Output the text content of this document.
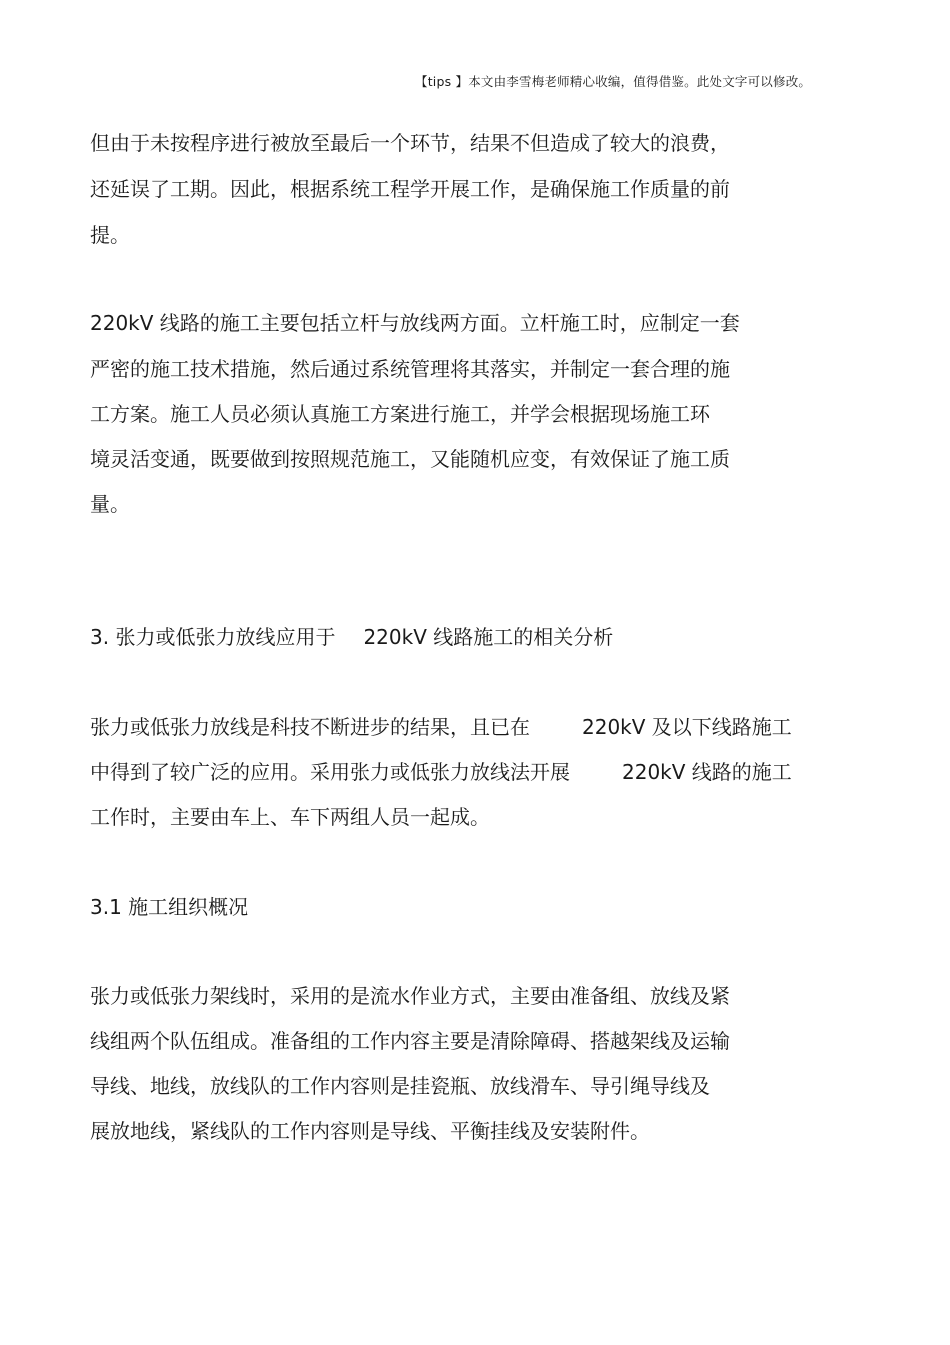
【tips 】本文由李雪梅老师精心收编，值得借鉴。此处文字可以修改。
但由于未按程序进行被放至最后一个环节，结果不但造成了较大的浪费，
还延误了工期。因此，根据系统工程学开展工作，是确保施工作质量的前
提。
220kV 线路的施工主要包括立杆与放线两方面。立杆施工时，应制定一套
严密的施工技术措施，然后通过系统管理将其落实，并制定一套合理的施
工方案。施工人员必须认真施工方案进行施工，并学会根据现场施工环
境灵活变通，既要做到按照规范施工，又能随机应变，有效保证了施工质
量。
3. 张力或低张力放线应用于 220kV 线路施工的相关分析
张力或低张力放线是科技不断进步的结果，且已在	220kV 及以下线路施工
中得到了较广泛的应用。采用张力或低张力放线法开展	220kV 线路的施工
工作时，主要由车上、车下两组人员一起成。
3.1 施工组织概况
张力或低张力架线时，采用的是流水作业方式，主要由准备组、放线及紧
线组两个队伍组成。准备组的工作内容主要是清除障碍、搭越架线及运输
导线、地线，放线队的工作内容则是挂瓷瓶、放线滑车、导引绳导线及
展放地线，紧线队的工作内容则是导线、平衡挂线及安装附件。
